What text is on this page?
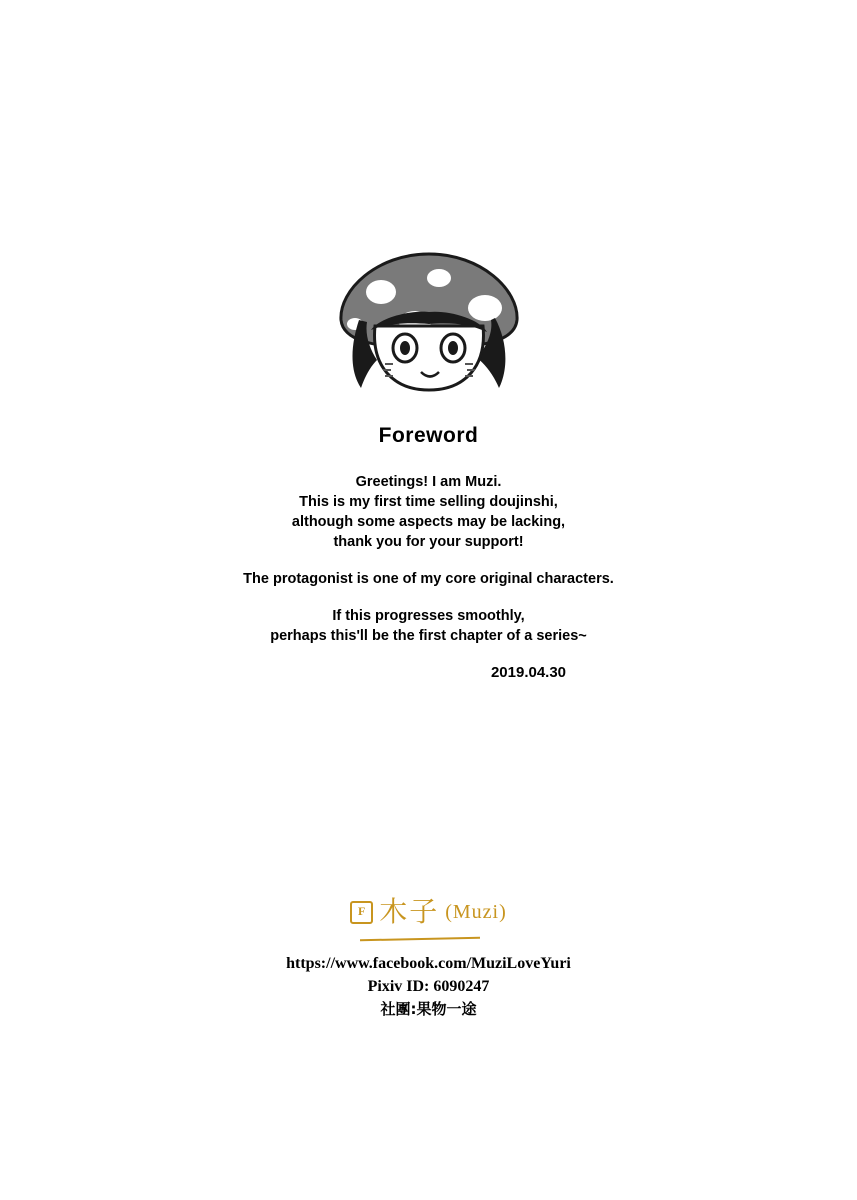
Foreword
Greetings! I am Muzi.
This is my first time selling doujinshi,
although some aspects may be lacking,
thank you for your support!
The protagonist is one of my core original characters.
If this progresses smoothly,
perhaps this'll be the first chapter of a series~
2019.04.30
F 木子 (Muzi)
https://www.facebook.com/MuziLoveYuri
Pixiv ID: 6090247
社團:果物一途
